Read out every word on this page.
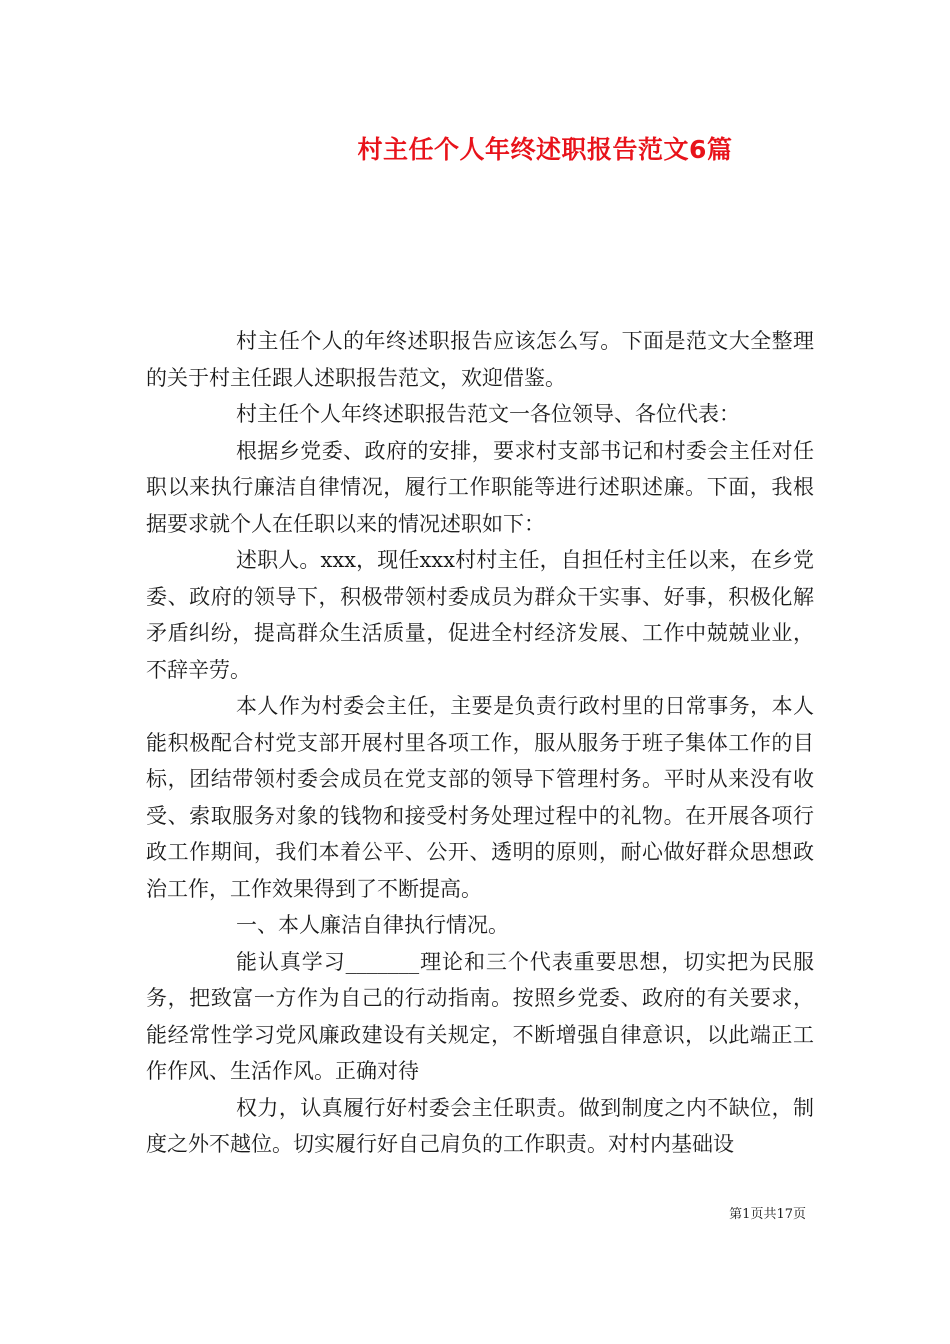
村主任个人年终述职报告范文6篇

村主任个人的年终述职报告应该怎么写。下面是范文大全整理的关于村主任跟人述职报告范文，欢迎借鉴。

村主任个人年终述职报告范文一各位领导、各位代表：

根据乡党委、政府的安排，要求村支部书记和村委会主任对任职以来执行廉洁自律情况，履行工作职能等进行述职述廉。下面，我根据要求就个人在任职以来的情况述职如下：

述职人。xxx，现任xxx村村主任，自担任村主任以来，在乡党委、政府的领导下，积极带领村委成员为群众干实事、好事，积极化解矛盾纠纷，提高群众生活质量，促进全村经济发展、工作中兢兢业业，不辞辛劳。

本人作为村委会主任，主要是负责行政村里的日常事务，本人能积极配合村党支部开展村里各项工作，服从服务于班子集体工作的目标，团结带领村委会成员在党支部的领导下管理村务。平时从来没有收受、索取服务对象的钱物和接受村务处理过程中的礼物。在开展各项行政工作期间，我们本着公平、公开、透明的原则，耐心做好群众思想政治工作，工作效果得到了不断提高。

一、本人廉洁自律执行情况。

能认真学习_______理论和三个代表重要思想，切实把为民服务，把致富一方作为自己的行动指南。按照乡党委、政府的有关要求，能经常性学习党风廉政建设有关规定，不断增强自律意识，以此端正工作作风、生活作风。正确对待

权力，认真履行好村委会主任职责。做到制度之内不缺位，制度之外不越位。切实履行好自己肩负的工作职责。对村内基础设

第1页共17页
